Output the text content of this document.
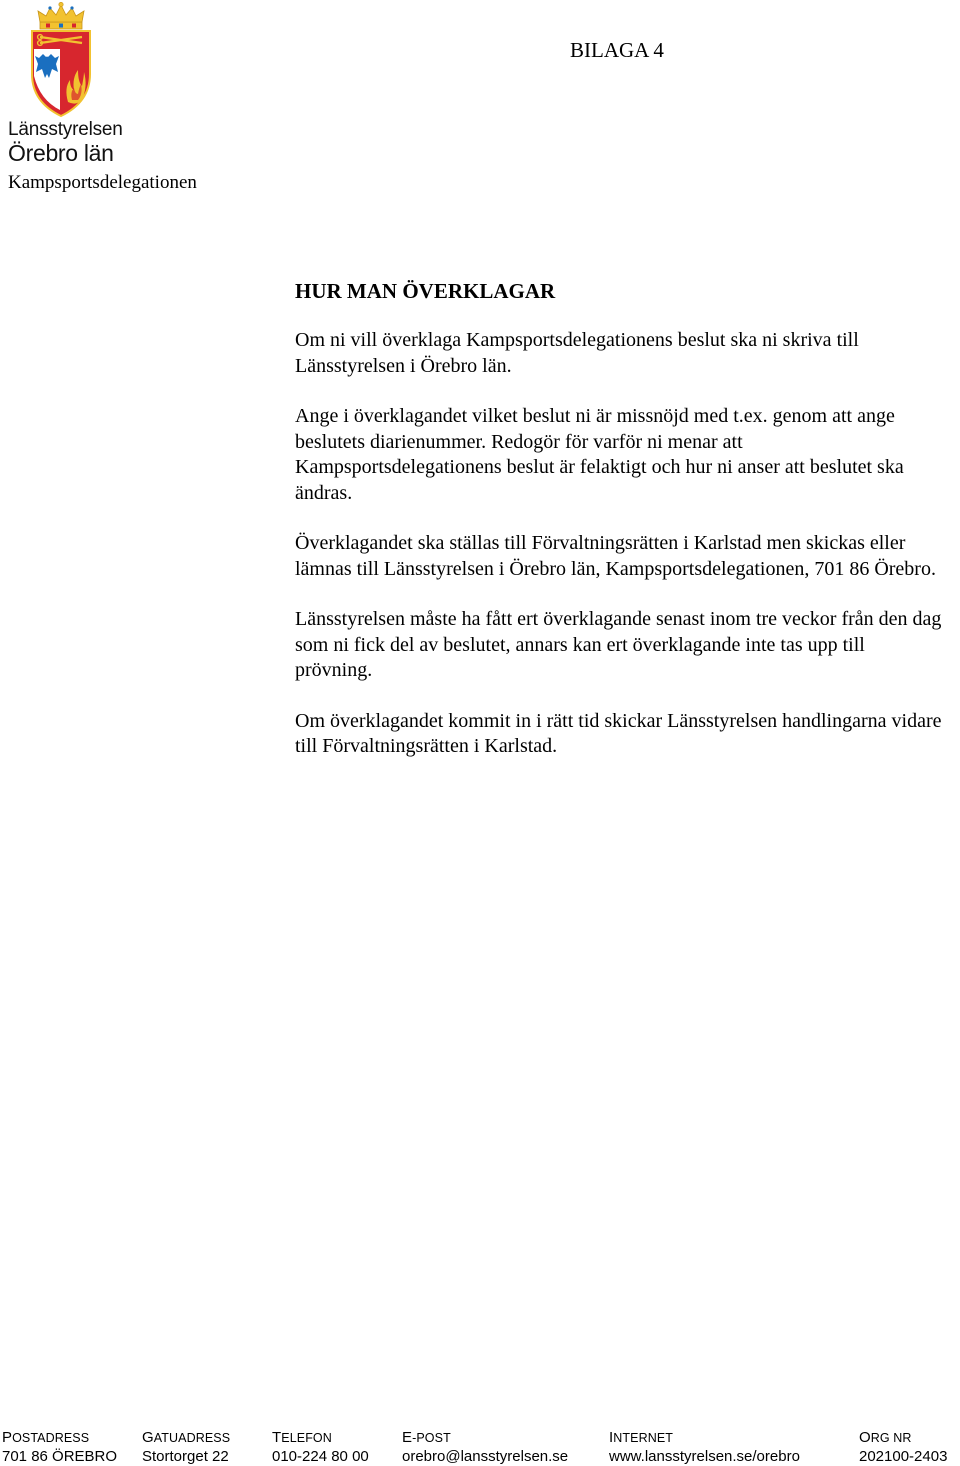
Länsstyrelsen
Örebro län
Kampsportsdelegationen
BILAGA 4
HUR MAN ÖVERKLAGAR

Om ni vill överklaga Kampsportsdelegationens beslut ska ni skriva till Länsstyrelsen i Örebro län.

Ange i överklagandet vilket beslut ni är missnöjd med t.ex. genom att ange beslutets diarienummer. Redogör för varför ni menar att Kampsportsdelegationens beslut är felaktigt och hur ni anser att beslutet ska ändras.

Överklagandet ska ställas till Förvaltningsrätten i Karlstad men skickas eller lämnas till Länsstyrelsen i Örebro län, Kampsportsdelegationen, 701 86 Örebro.

Länsstyrelsen måste ha fått ert överklagande senast inom tre veckor från den dag som ni fick del av beslutet, annars kan ert överklagande inte tas upp till prövning.

Om överklagandet kommit in i rätt tid skickar Länsstyrelsen handlingarna vidare till Förvaltningsrätten i Karlstad.

POSTADRESS
701 86 ÖREBRO
GATUADRESS
Stortorget 22
TELEFON
010-224 80 00
E-POST
orebro@lansstyrelsen.se
INTERNET
www.lansstyrelsen.se/orebro
ORG NR
202100-2403
